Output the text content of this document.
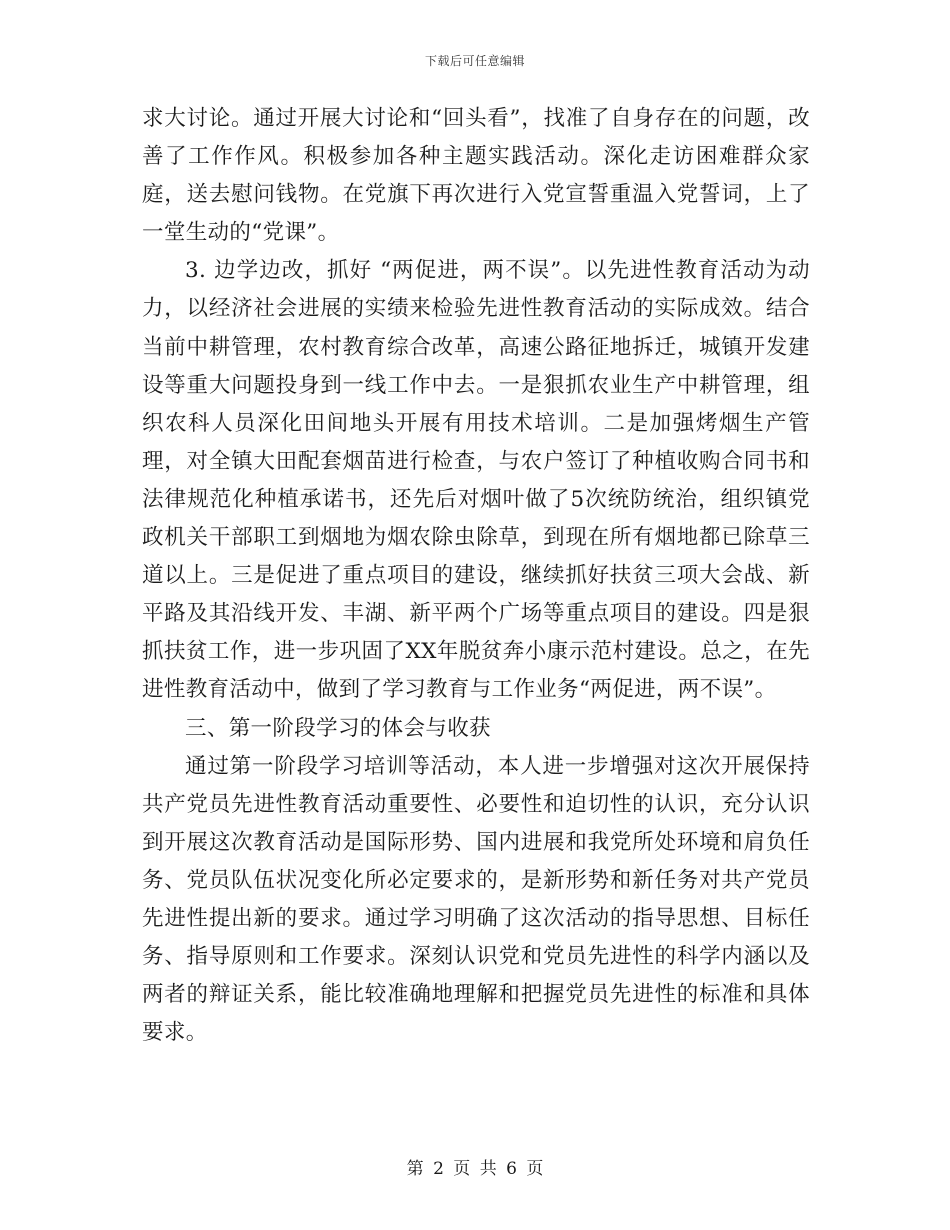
下载后可任意编辑

求大讨论。通过开展大讨论和“回头看”，找准了自身存在的问题，改善了工作作风。积极参加各种主题实践活动。深化走访困难群众家庭，送去慰问钱物。在党旗下再次进行入党宣誓重温入党誓词，上了一堂生动的“党课”。

3. 边学边改，抓好 “两促进，两不误”。以先进性教育活动为动力，以经济社会进展的实绩来检验先进性教育活动的实际成效。结合当前中耕管理，农村教育综合改革，高速公路征地拆迁，城镇开发建设等重大问题投身到一线工作中去。一是狠抓农业生产中耕管理，组织农科人员深化田间地头开展有用技术培训。二是加强烤烟生产管理，对全镇大田配套烟苗进行检查，与农户签订了种植收购合同书和法律规范化种植承诺书，还先后对烟叶做了5次统防统治，组织镇党政机关干部职工到烟地为烟农除虫除草，到现在所有烟地都已除草三道以上。三是促进了重点项目的建设，继续抓好扶贫三项大会战、新平路及其沿线开发、丰湖、新平两个广场等重点项目的建设。四是狠抓扶贫工作，进一步巩固了XX年脱贫奔小康示范村建设。总之，在先进性教育活动中，做到了学习教育与工作业务“两促进，两不误”。

三、第一阶段学习的体会与收获

通过第一阶段学习培训等活动，本人进一步增强对这次开展保持共产党员先进性教育活动重要性、必要性和迫切性的认识，充分认识到开展这次教育活动是国际形势、国内进展和我党所处环境和肩负任务、党员队伍状况变化所必定要求的，是新形势和新任务对共产党员先进性提出新的要求。通过学习明确了这次活动的指导思想、目标任务、指导原则和工作要求。深刻认识党和党员先进性的科学内涵以及两者的辩证关系，能比较准确地理解和把握党员先进性的标准和具体要求。

第 2 页 共 6 页
